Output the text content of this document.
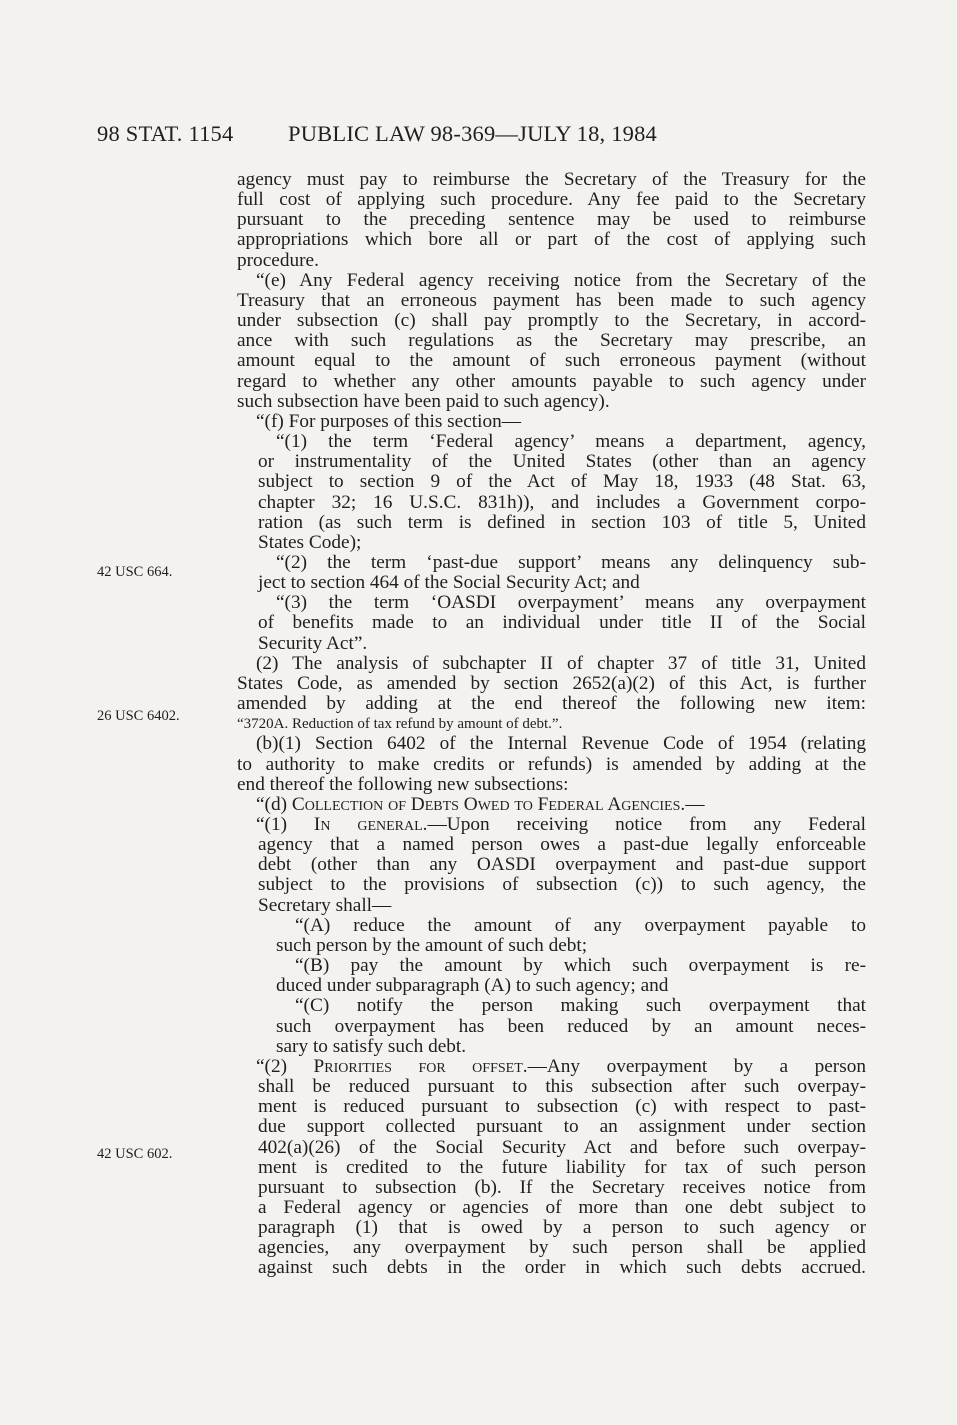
98 STAT. 1154 PUBLIC LAW 98-369—JULY 18, 1984
42 USC 664.
26 USC 6402.
42 USC 602.
agency must pay to reimburse the Secretary of the Treasury for the
full cost of applying such procedure. Any fee paid to the Secretary
pursuant to the preceding sentence may be used to reimburse
appropriations which bore all or part of the cost of applying such
procedure.
“(e) Any Federal agency receiving notice from the Secretary of the
Treasury that an erroneous payment has been made to such agency
under subsection (c) shall pay promptly to the Secretary, in accord-
ance with such regulations as the Secretary may prescribe, an
amount equal to the amount of such erroneous payment (without
regard to whether any other amounts payable to such agency under
such subsection have been paid to such agency).
“(f) For purposes of this section—
“(1) the term ‘Federal agency’ means a department, agency,
or instrumentality of the United States (other than an agency
subject to section 9 of the Act of May 18, 1933 (48 Stat. 63,
chapter 32; 16 U.S.C. 831h)), and includes a Government corpo-
ration (as such term is defined in section 103 of title 5, United
States Code);
“(2) the term ‘past-due support’ means any delinquency sub-
ject to section 464 of the Social Security Act; and
“(3) the term ‘OASDI overpayment’ means any overpayment
of benefits made to an individual under title II of the Social
Security Act”.
(2) The analysis of subchapter II of chapter 37 of title 31, United
States Code, as amended by section 2652(a)(2) of this Act, is further
amended by adding at the end thereof the following new item:
“3720A. Reduction of tax refund by amount of debt.”.
(b)(1) Section 6402 of the Internal Revenue Code of 1954 (relating
to authority to make credits or refunds) is amended by adding at the
end thereof the following new subsections:
“(d) Collection of Debts Owed to Federal Agencies.—
“(1) In general.—Upon receiving notice from any Federal
agency that a named person owes a past-due legally enforceable
debt (other than any OASDI overpayment and past-due support
subject to the provisions of subsection (c)) to such agency, the
Secretary shall—
“(A) reduce the amount of any overpayment payable to
such person by the amount of such debt;
“(B) pay the amount by which such overpayment is re-
duced under subparagraph (A) to such agency; and
“(C) notify the person making such overpayment that
such overpayment has been reduced by an amount neces-
sary to satisfy such debt.
“(2) Priorities for offset.—Any overpayment by a person
shall be reduced pursuant to this subsection after such overpay-
ment is reduced pursuant to subsection (c) with respect to past-
due support collected pursuant to an assignment under section
402(a)(26) of the Social Security Act and before such overpay-
ment is credited to the future liability for tax of such person
pursuant to subsection (b). If the Secretary receives notice from
a Federal agency or agencies of more than one debt subject to
paragraph (1) that is owed by a person to such agency or
agencies, any overpayment by such person shall be applied
against such debts in the order in which such debts accrued.
